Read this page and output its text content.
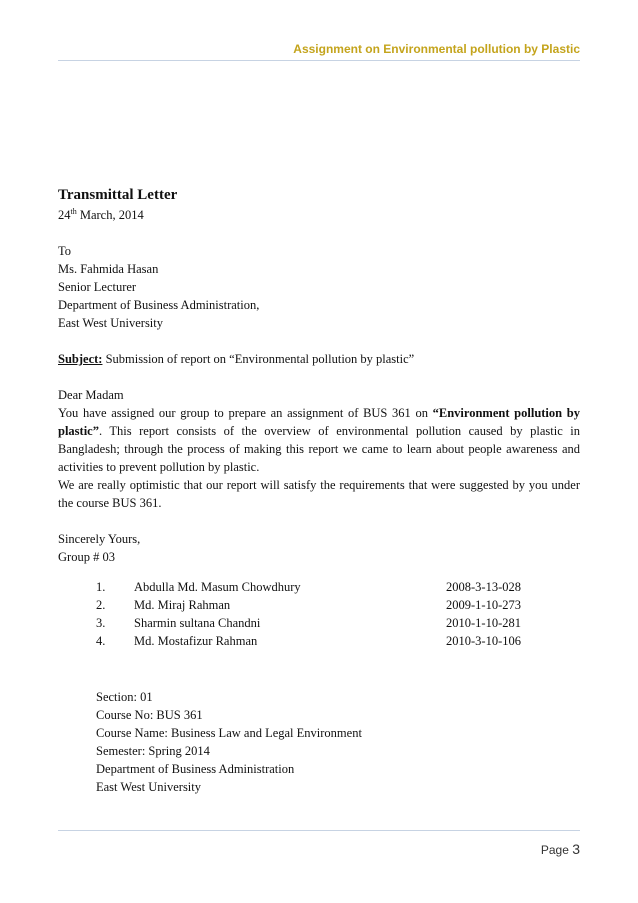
Assignment on Environmental pollution by Plastic
Transmittal Letter
24th March, 2014
To
Ms. Fahmida Hasan
Senior Lecturer
Department of Business Administration,
East West University
Subject: Submission of report on “Environmental pollution by plastic”
Dear Madam
You have assigned our group to prepare an assignment of BUS 361 on “Environment pollution by plastic”. This report consists of the overview of environmental pollution caused by plastic in Bangladesh; through the process of making this report we came to learn about people awareness and activities to prevent pollution by plastic.
We are really optimistic that our report will satisfy the requirements that were suggested by you under the course BUS 361.
Sincerely Yours,
Group # 03
1.	Abdulla Md. Masum Chowdhury	2008-3-13-028
2.	Md. Miraj Rahman	2009-1-10-273
3.	Sharmin sultana Chandni	2010-1-10-281
4.	Md. Mostafizur Rahman	2010-3-10-106
Section: 01
Course No: BUS 361
Course Name: Business Law and Legal Environment
Semester: Spring 2014
Department of Business Administration
East West University
Page 3
